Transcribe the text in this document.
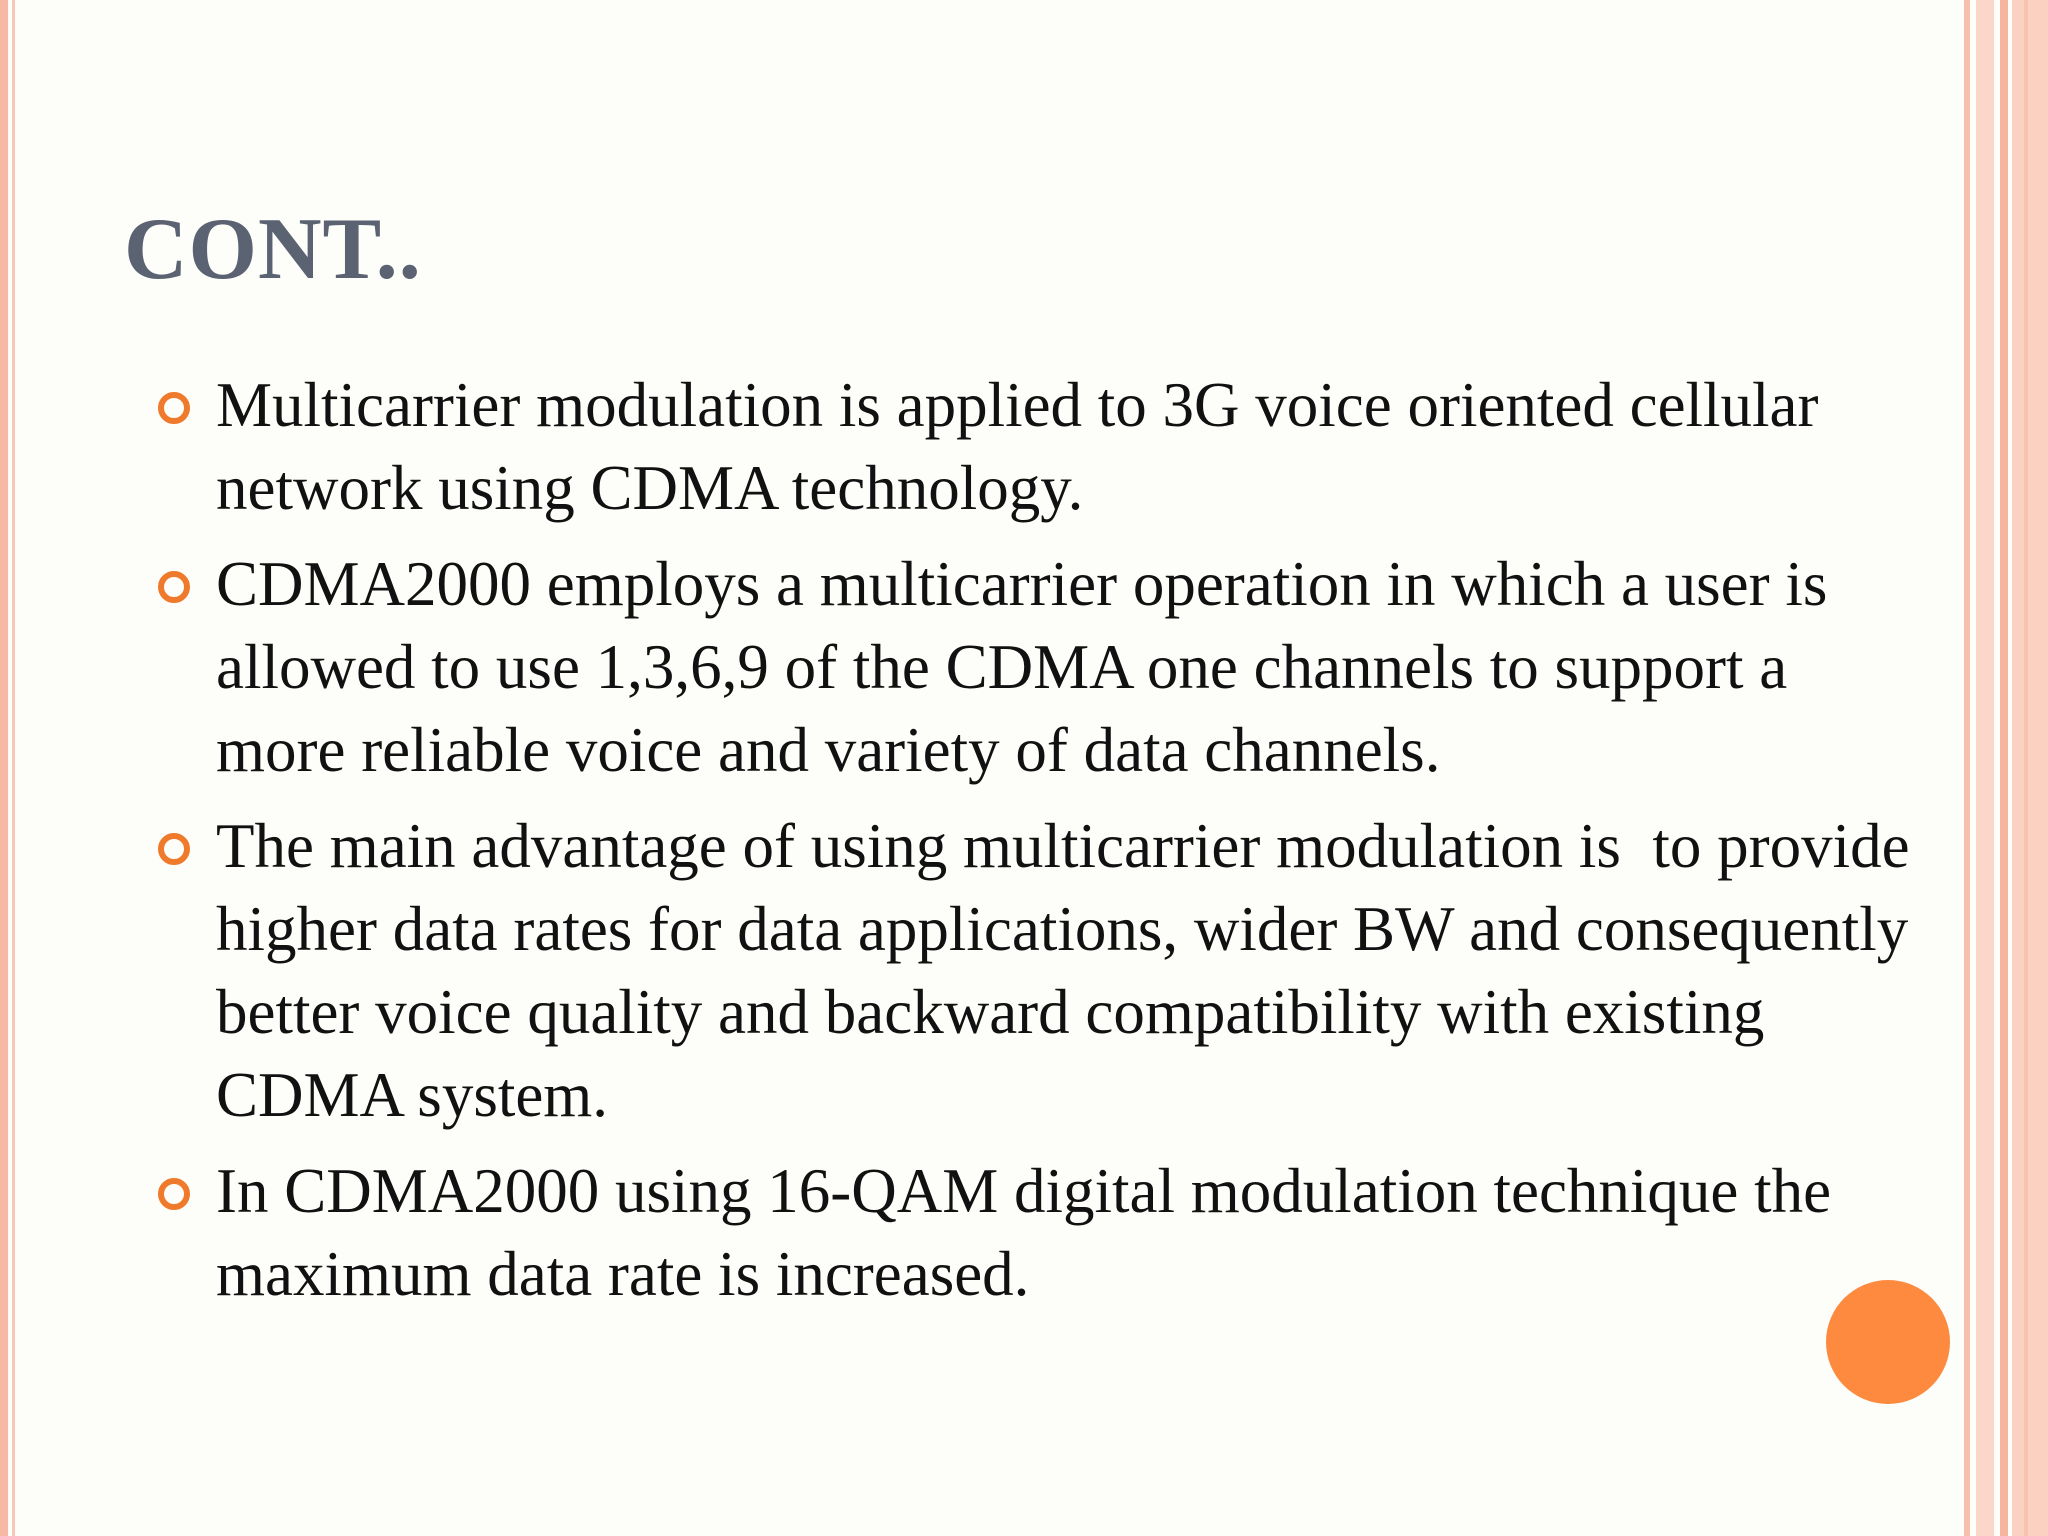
CONT..
Multicarrier modulation is applied to 3G voice oriented cellular network using CDMA technology.
CDMA2000 employs a multicarrier operation in which a user is allowed to use 1,3,6,9 of the CDMA one channels to support a more reliable voice and variety of data channels.
The main advantage of using multicarrier modulation is  to provide higher data rates for data applications, wider BW and consequently better voice quality and backward compatibility with existing CDMA system.
In CDMA2000 using 16-QAM digital modulation technique the maximum data rate is increased.
